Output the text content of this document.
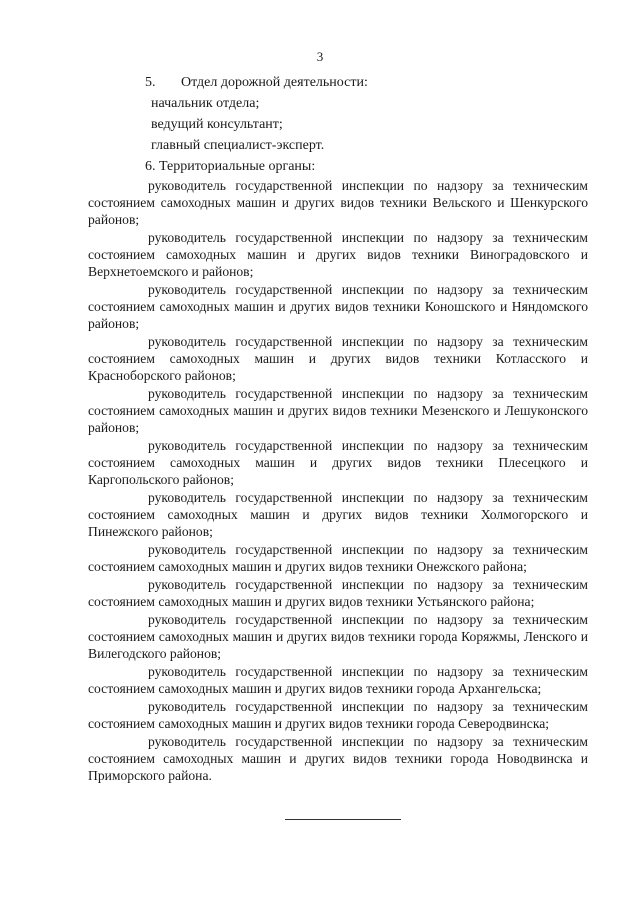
3
5. Отдел дорожной деятельности:
начальник отдела;
ведущий консультант;
главный специалист-эксперт.
6. Территориальные органы:

руководитель государственной инспекции по надзору за техническим состоянием самоходных машин и других видов техники Вельского и Шенкурского районов;

руководитель государственной инспекции по надзору за техническим состоянием самоходных машин и других видов техники Виноградовского и Верхнетоемского и районов;

руководитель государственной инспекции по надзору за техническим состоянием самоходных машин и других видов техники Коношского и Няндомского районов;

руководитель государственной инспекции по надзору за техническим состоянием самоходных машин и других видов техники Котласского и Красноборского районов;

руководитель государственной инспекции по надзору за техническим состоянием самоходных машин и других видов техники Мезенского и Лешуконского районов;

руководитель государственной инспекции по надзору за техническим состоянием самоходных машин и других видов техники Плесецкого и Каргопольского районов;

руководитель государственной инспекции по надзору за техническим состоянием самоходных машин и других видов техники Холмогорского и Пинежского районов;

руководитель государственной инспекции по надзору за техническим состоянием самоходных машин и других видов техники Онежского района;

руководитель государственной инспекции по надзору за техническим состоянием самоходных машин и других видов техники Устьянского района;

руководитель государственной инспекции по надзору за техническим состоянием самоходных машин и других видов техники города Коряжмы, Ленского и Вилегодского районов;

руководитель государственной инспекции по надзору за техническим состоянием самоходных машин и других видов техники города Архангельска;

руководитель государственной инспекции по надзору за техническим состоянием самоходных машин и других видов техники города Северодвинска;

руководитель государственной инспекции по надзору за техническим состоянием самоходных машин и других видов техники города Новодвинска и Приморского района.
